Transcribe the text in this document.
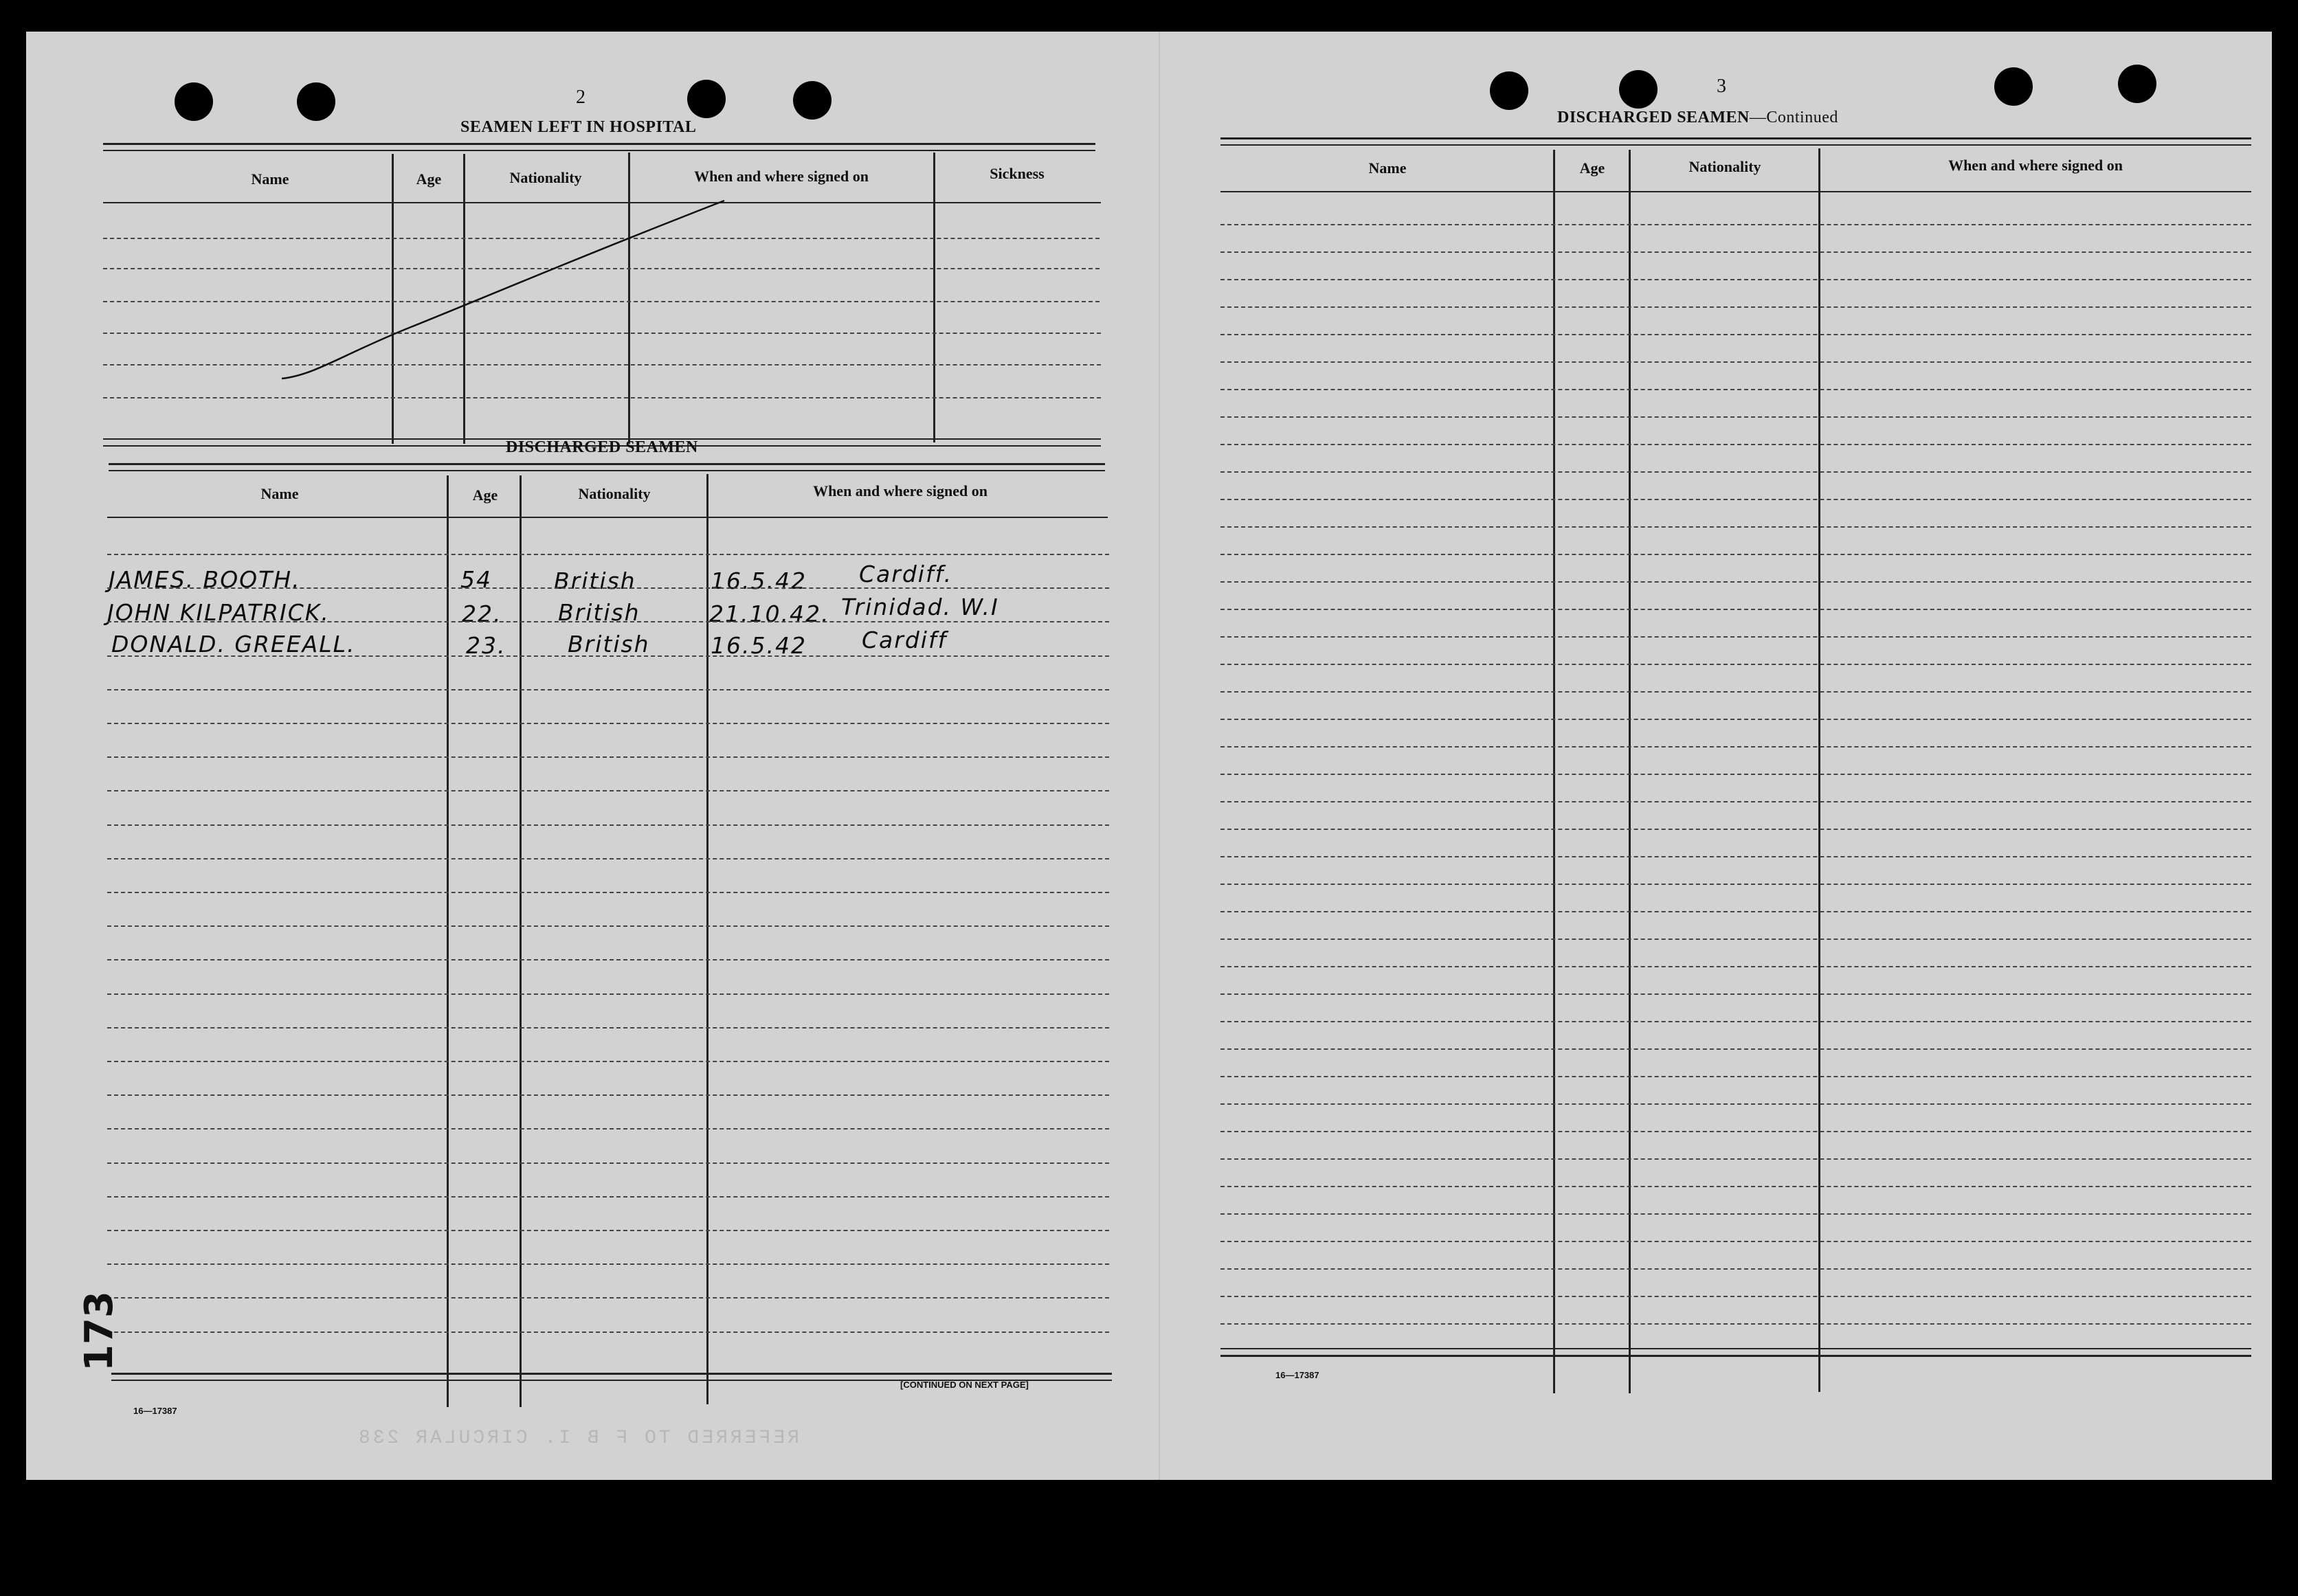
2
SEAMEN LEFT IN HOSPITAL
Name	Age	Nationality	When and where signed on	Sickness
DISCHARGED SEAMEN
Name	Age	Nationality	When and where signed on
JAMES. BOOTH.	54	British	16.5.42 Cardiff.
JOHN KILPATRICK.	22. British	21.10.42. Trinidad. W.I
DONALD. GREEALL.	23.	British	16.5.42 Cardiff
16—17387
[CONTINUED ON NEXT PAGE]
173
REFERRED TO F B I. CIRCULAR 238
3
DISCHARGED SEAMEN—Continued
Name	Age	Nationality	When and where signed on
16—17387
